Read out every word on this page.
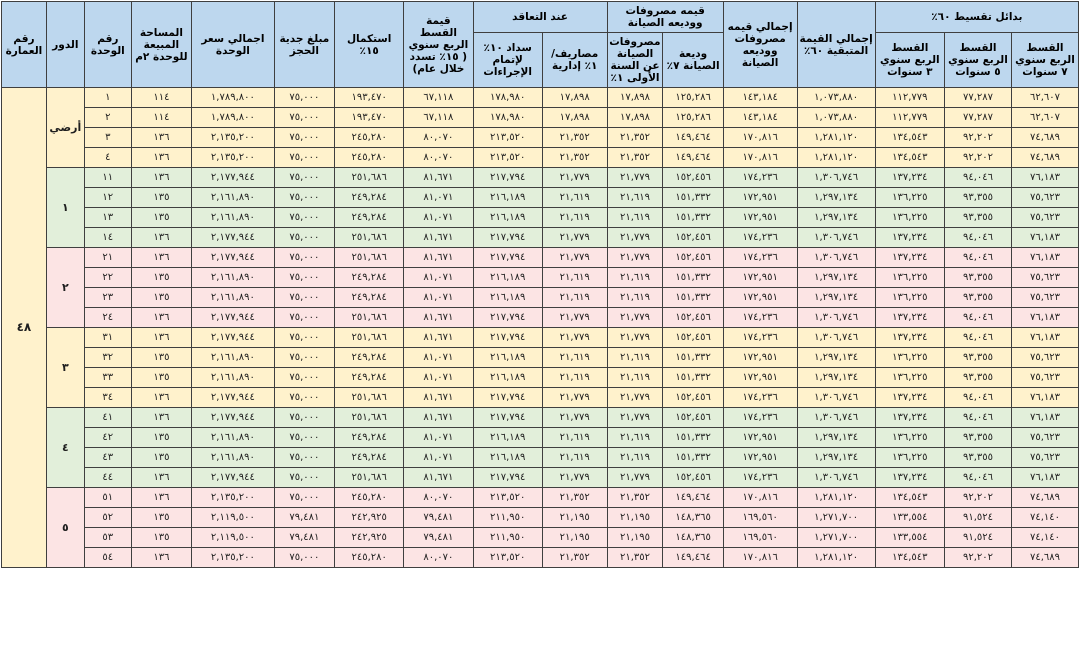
بدائل تقسيط ٦٠٪			إجمالي القيمة المتبقية ٦٠٪	إجمالي قيمه مصروفات ووديعه الصيانة	قيمه مصروفات ووديعه الصيانة		عند التعاقد		قيمة القسط الربع سنوي ( ١٥٪ تسدد خلال عام)	استكمال ١٥٪	مبلغ جدية الحجز	اجمالي سعر الوحدة	المساحة المبيعة للوحدة ٢م	رقم الوحدة	الدور	رقم العمارة
القسط الربع سنوي ٧ سنوات	القسط الربع سنوي ٥ سنوات	القسط الربع سنوي ٣ سنوات			وديعة الصيانة ٧٪	مصروفات الصيانة عن السنة الأولى ١٪	مصاريف/١٪ إدارية	سداد ١٠٪ لإتمام الإجراءات								
٦٢,٦٠٧	٧٧,٢٨٧	١١٢,٧٧٩	١,٠٧٣,٨٨٠	١٤٣,١٨٤	١٢٥,٢٨٦	١٧,٨٩٨	١٧,٨٩٨	١٧٨,٩٨٠	٦٧,١١٨	١٩٣,٤٧٠	٧٥,٠٠٠	١,٧٨٩,٨٠٠	١١٤	١	أرضي	٤٨
٦٢,٦٠٧	٧٧,٢٨٧	١١٢,٧٧٩	١,٠٧٣,٨٨٠	١٤٣,١٨٤	١٢٥,٢٨٦	١٧,٨٩٨	١٧,٨٩٨	١٧٨,٩٨٠	٦٧,١١٨	١٩٣,٤٧٠	٧٥,٠٠٠	١,٧٨٩,٨٠٠	١١٤	٢		
٧٤,٦٨٩	٩٢,٢٠٢	١٣٤,٥٤٣	١,٢٨١,١٢٠	١٧٠,٨١٦	١٤٩,٤٦٤	٢١,٣٥٢	٢١,٣٥٢	٢١٣,٥٢٠	٨٠,٠٧٠	٢٤٥,٢٨٠	٧٥,٠٠٠	٢,١٣٥,٢٠٠	١٣٦	٣		
٧٤,٦٨٩	٩٢,٢٠٢	١٣٤,٥٤٣	١,٢٨١,١٢٠	١٧٠,٨١٦	١٤٩,٤٦٤	٢١,٣٥٢	٢١,٣٥٢	٢١٣,٥٢٠	٨٠,٠٧٠	٢٤٥,٢٨٠	٧٥,٠٠٠	٢,١٣٥,٢٠٠	١٣٦	٤		
٧٦,١٨٣	٩٤,٠٤٦	١٣٧,٢٣٤	١,٣٠٦,٧٤٦	١٧٤,٢٣٦	١٥٢,٤٥٦	٢١,٧٧٩	٢١,٧٧٩	٢١٧,٧٩٤	٨١,٦٧١	٢٥١,٦٨٦	٧٥,٠٠٠	٢,١٧٧,٩٤٤	١٣٦	١١	١	
٧٥,٦٢٣	٩٣,٣٥٥	١٣٦,٢٢٥	١,٢٩٧,١٣٤	١٧٢,٩٥١	١٥١,٣٣٢	٢١,٦١٩	٢١,٦١٩	٢١٦,١٨٩	٨١,٠٧١	٢٤٩,٢٨٤	٧٥,٠٠٠	٢,١٦١,٨٩٠	١٣٥	١٢		
٧٥,٦٢٣	٩٣,٣٥٥	١٣٦,٢٢٥	١,٢٩٧,١٣٤	١٧٢,٩٥١	١٥١,٣٣٢	٢١,٦١٩	٢١,٦١٩	٢١٦,١٨٩	٨١,٠٧١	٢٤٩,٢٨٤	٧٥,٠٠٠	٢,١٦١,٨٩٠	١٣٥	١٣		
٧٦,١٨٣	٩٤,٠٤٦	١٣٧,٢٣٤	١,٣٠٦,٧٤٦	١٧٤,٢٣٦	١٥٢,٤٥٦	٢١,٧٧٩	٢١,٧٧٩	٢١٧,٧٩٤	٨١,٦٧١	٢٥١,٦٨٦	٧٥,٠٠٠	٢,١٧٧,٩٤٤	١٣٦	١٤		
٧٦,١٨٣	٩٤,٠٤٦	١٣٧,٢٣٤	١,٣٠٦,٧٤٦	١٧٤,٢٣٦	١٥٢,٤٥٦	٢١,٧٧٩	٢١,٧٧٩	٢١٧,٧٩٤	٨١,٦٧١	٢٥١,٦٨٦	٧٥,٠٠٠	٢,١٧٧,٩٤٤	١٣٦	٢١	٢	
٧٥,٦٢٣	٩٣,٣٥٥	١٣٦,٢٢٥	١,٢٩٧,١٣٤	١٧٢,٩٥١	١٥١,٣٣٢	٢١,٦١٩	٢١,٦١٩	٢١٦,١٨٩	٨١,٠٧١	٢٤٩,٢٨٤	٧٥,٠٠٠	٢,١٦١,٨٩٠	١٣٥	٢٢		
٧٥,٦٢٣	٩٣,٣٥٥	١٣٦,٢٢٥	١,٢٩٧,١٣٤	١٧٢,٩٥١	١٥١,٣٣٢	٢١,٦١٩	٢١,٦١٩	٢١٦,١٨٩	٨١,٠٧١	٢٤٩,٢٨٤	٧٥,٠٠٠	٢,١٦١,٨٩٠	١٣٥	٢٣		
٧٦,١٨٣	٩٤,٠٤٦	١٣٧,٢٣٤	١,٣٠٦,٧٤٦	١٧٤,٢٣٦	١٥٢,٤٥٦	٢١,٧٧٩	٢١,٧٧٩	٢١٧,٧٩٤	٨١,٦٧١	٢٥١,٦٨٦	٧٥,٠٠٠	٢,١٧٧,٩٤٤	١٣٦	٢٤		
٧٦,١٨٣	٩٤,٠٤٦	١٣٧,٢٣٤	١,٣٠٦,٧٤٦	١٧٤,٢٣٦	١٥٢,٤٥٦	٢١,٧٧٩	٢١,٧٧٩	٢١٧,٧٩٤	٨١,٦٧١	٢٥١,٦٨٦	٧٥,٠٠٠	٢,١٧٧,٩٤٤	١٣٦	٣١	٣	
٧٥,٦٢٣	٩٣,٣٥٥	١٣٦,٢٢٥	١,٢٩٧,١٣٤	١٧٢,٩٥١	١٥١,٣٣٢	٢١,٦١٩	٢١,٦١٩	٢١٦,١٨٩	٨١,٠٧١	٢٤٩,٢٨٤	٧٥,٠٠٠	٢,١٦١,٨٩٠	١٣٥	٣٢		
٧٥,٦٢٣	٩٣,٣٥٥	١٣٦,٢٢٥	١,٢٩٧,١٣٤	١٧٢,٩٥١	١٥١,٣٣٢	٢١,٦١٩	٢١,٦١٩	٢١٦,١٨٩	٨١,٠٧١	٢٤٩,٢٨٤	٧٥,٠٠٠	٢,١٦١,٨٩٠	١٣٥	٣٣		
٧٦,١٨٣	٩٤,٠٤٦	١٣٧,٢٣٤	١,٣٠٦,٧٤٦	١٧٤,٢٣٦	١٥٢,٤٥٦	٢١,٧٧٩	٢١,٧٧٩	٢١٧,٧٩٤	٨١,٦٧١	٢٥١,٦٨٦	٧٥,٠٠٠	٢,١٧٧,٩٤٤	١٣٦	٣٤		
٧٦,١٨٣	٩٤,٠٤٦	١٣٧,٢٣٤	١,٣٠٦,٧٤٦	١٧٤,٢٣٦	١٥٢,٤٥٦	٢١,٧٧٩	٢١,٧٧٩	٢١٧,٧٩٤	٨١,٦٧١	٢٥١,٦٨٦	٧٥,٠٠٠	٢,١٧٧,٩٤٤	١٣٦	٤١	٤	
٧٥,٦٢٣	٩٣,٣٥٥	١٣٦,٢٢٥	١,٢٩٧,١٣٤	١٧٢,٩٥١	١٥١,٣٣٢	٢١,٦١٩	٢١,٦١٩	٢١٦,١٨٩	٨١,٠٧١	٢٤٩,٢٨٤	٧٥,٠٠٠	٢,١٦١,٨٩٠	١٣٥	٤٢		
٧٥,٦٢٣	٩٣,٣٥٥	١٣٦,٢٢٥	١,٢٩٧,١٣٤	١٧٢,٩٥١	١٥١,٣٣٢	٢١,٦١٩	٢١,٦١٩	٢١٦,١٨٩	٨١,٠٧١	٢٤٩,٢٨٤	٧٥,٠٠٠	٢,١٦١,٨٩٠	١٣٥	٤٣		
٧٦,١٨٣	٩٤,٠٤٦	١٣٧,٢٣٤	١,٣٠٦,٧٤٦	١٧٤,٢٣٦	١٥٢,٤٥٦	٢١,٧٧٩	٢١,٧٧٩	٢١٧,٧٩٤	٨١,٦٧١	٢٥١,٦٨٦	٧٥,٠٠٠	٢,١٧٧,٩٤٤	١٣٦	٤٤		
٧٤,٦٨٩	٩٢,٢٠٢	١٣٤,٥٤٣	١,٢٨١,١٢٠	١٧٠,٨١٦	١٤٩,٤٦٤	٢١,٣٥٢	٢١,٣٥٢	٢١٣,٥٢٠	٨٠,٠٧٠	٢٤٥,٢٨٠	٧٥,٠٠٠	٢,١٣٥,٢٠٠	١٣٦	٥١	٥	
٧٤,١٤٠	٩١,٥٢٤	١٣٣,٥٥٤	١,٢٧١,٧٠٠	١٦٩,٥٦٠	١٤٨,٣٦٥	٢١,١٩٥	٢١,١٩٥	٢١١,٩٥٠	٧٩,٤٨١	٢٤٢,٩٢٥	٧٩,٤٨١	٢,١١٩,٥٠٠	١٣٥	٥٢		
٧٤,١٤٠	٩١,٥٢٤	١٣٣,٥٥٤	١,٢٧١,٧٠٠	١٦٩,٥٦٠	١٤٨,٣٦٥	٢١,١٩٥	٢١,١٩٥	٢١١,٩٥٠	٧٩,٤٨١	٢٤٢,٩٢٥	٧٩,٤٨١	٢,١١٩,٥٠٠	١٣٥	٥٣		
٧٤,٦٨٩	٩٢,٢٠٢	١٣٤,٥٤٣	١,٢٨١,١٢٠	١٧٠,٨١٦	١٤٩,٤٦٤	٢١,٣٥٢	٢١,٣٥٢	٢١٣,٥٢٠	٨٠,٠٧٠	٢٤٥,٢٨٠	٧٥,٠٠٠	٢,١٣٥,٢٠٠	١٣٦	٥٤		
